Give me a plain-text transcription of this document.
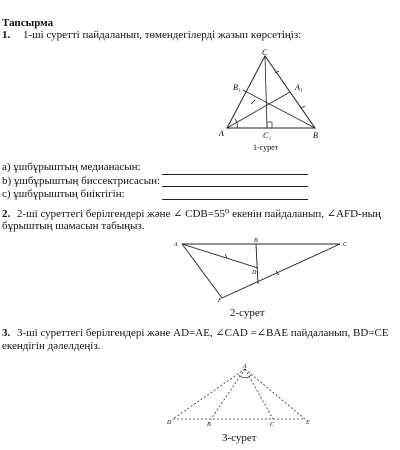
Тапсырма
1. 1-ші суретті пайдаланып, төмендегілерді жазып көрсетіңіз:
C
B₁	A₁
A	C₁	B
1-сурет
a) ұшбұрыштың медианасын:
b) ұшбұрыштың биссектрисасын:
c) ұшбұрыштың биіктігін:
2. 2-ші суреттегі берілгендері және ∠ CDB=55⁰ екенін пайдаланып, ∠AFD-ның
бұрыштың шамасын табыңыз.
A
B
C
D
F
2-сурет
3. 3-ші суреттегі берілгендері және AD=AE, ∠CAD =∠BAE пайдаланып, BD=CE
екендігін дәлелдеңіз.
A
D	B	C	E
3-сурет
